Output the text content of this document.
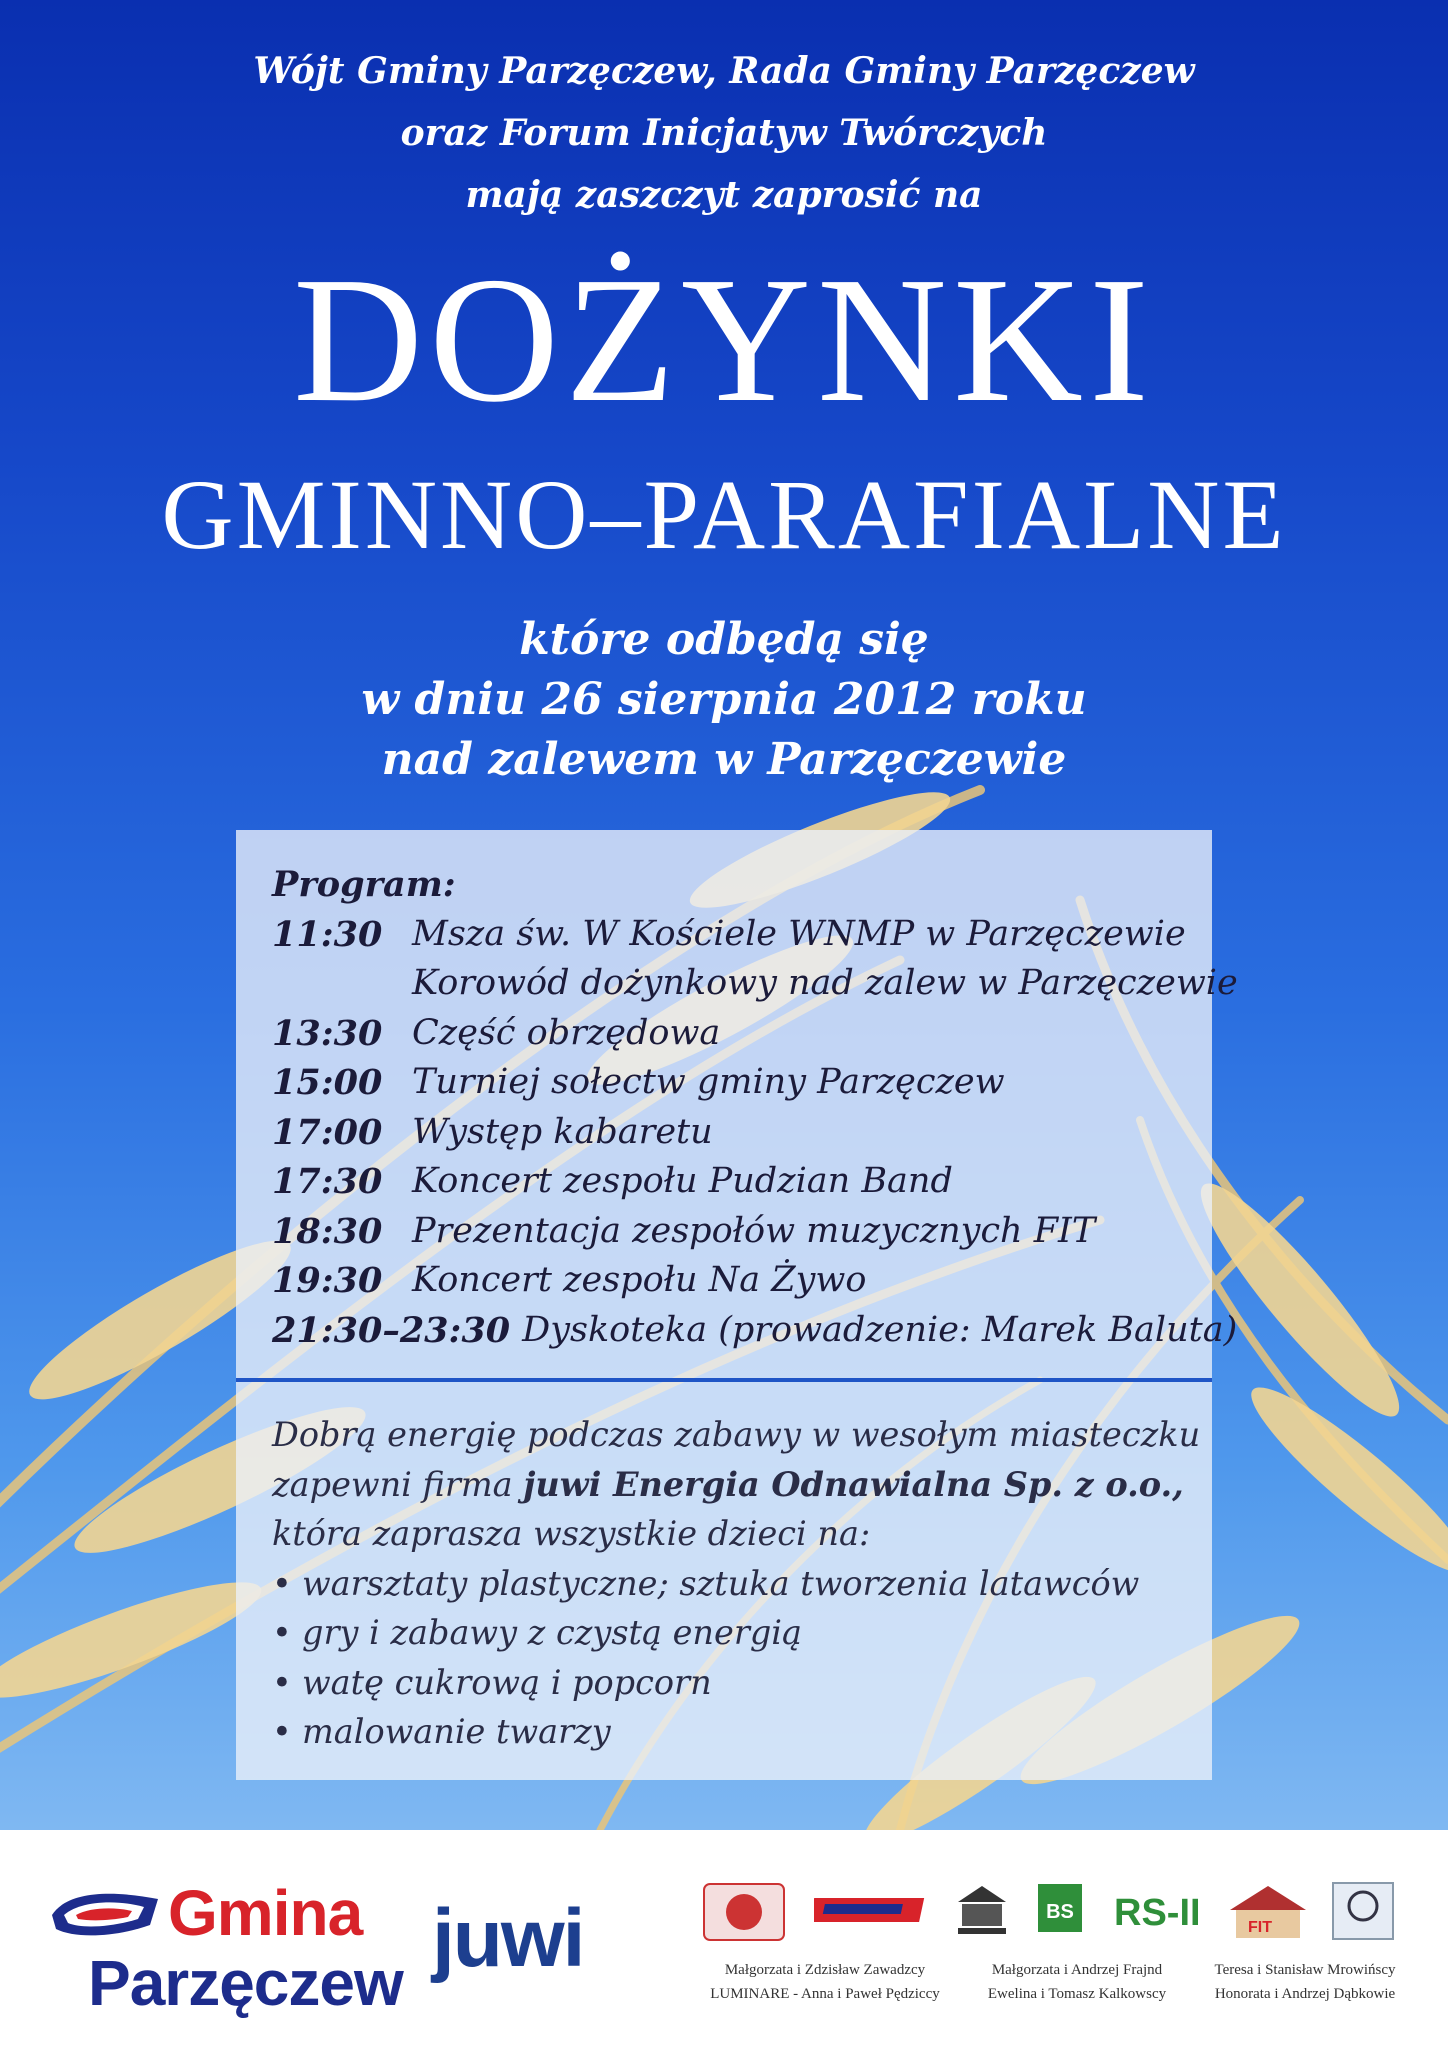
Wójt Gminy Parzęczew, Rada Gminy Parzęczew
oraz Forum Inicjatyw Twórczych
mają zaszczyt zaprosić na
DOŻYNKI
GMINNO–PARAFIALNE
które odbędą się
w dniu 26 sierpnia 2012 roku
nad zalewem w Parzęczewie
Program:
11:30 Msza św. W Kościele WNMP w Parzęczewie
Korowód dożynkowy nad zalew w Parzęczewie
13:30 Część obrzędowa
15:00 Turniej sołectw gminy Parzęczew
17:00 Występ kabaretu
17:30 Koncert zespołu Pudzian Band
18:30 Prezentacja zespołów muzycznych FIT
19:30 Koncert zespołu Na Żywo
21:30–23:30 Dyskoteka (prowadzenie: Marek Baluta)
Dobrą energię podczas zabawy w wesołym miasteczku
zapewni firma juwi Energia Odnawialna Sp. z o.o.,
która zaprasza wszystkie dzieci na:
• warsztaty plastyczne; sztuka tworzenia latawców
• gry i zabawy z czystą energią
• watę cukrową i popcorn
• malowanie twarzy
Gmina
Parzęczew juwi	BS RS-II	FIT
Małgorzata i Zdzisław Zawadzcy
LUMINARE - Anna i Paweł Pędziccy
Małgorzata i Andrzej Frajnd
Ewelina i Tomasz Kalkowscy
Teresa i Stanisław Mrowińscy
Honorata i Andrzej Dąbkowie
